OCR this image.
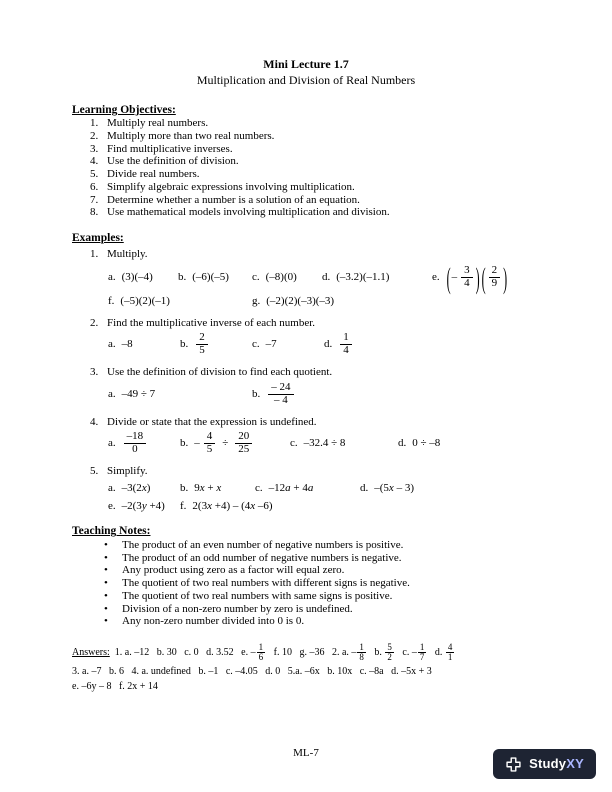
Mini Lecture 1.7
Multiplication and Division of Real Numbers
Learning Objectives:
1. Multiply real numbers.
2. Multiply more than two real numbers.
3. Find multiplicative inverses.
4. Use the definition of division.
5. Divide real numbers.
6. Simplify algebraic expressions involving multiplication.
7. Determine whether a number is a solution of an equation.
8. Use mathematical models involving multiplication and division.
Examples:
1. Multiply.
a. (3)(–4) b. (–6)(–5) c. (–8)(0) d. (–3.2)(–1.1)	e. ( – $\frac{3}{4}$ ) ( $\frac{2}{9}$ )
f. (–5)(2)(–1)	g. (–2)(2)(–3)(–3)
2. Find the multiplicative inverse of each number.
a. –8	b. $\frac{2}{5}$	c. –7	d. $\frac{1}{4}$
3. Use the definition of division to find each quotient.
a. –49 ÷ 7	b. $\frac{- 24}{- 4}$
4. Divide or state that the expression is undefined.
a. $\frac{-18}{0}$	b. – $\frac{4}{5} \div \frac{20}{25}$	c. –32.4 ÷ 8	d. 0 ÷ –8
5. Simplify.
a. –3(2x)	b. 9x + x	c. –12a + 4a	d. –(5x – 3)
e. –2(3y +4) f. 2(3x +4) – (4x –6)
Teaching Notes:
•	The product of an even number of negative numbers is positive.
•	The product of an odd number of negative numbers is negative.
•	Any product using zero as a factor will equal zero.
•	The quotient of two real numbers with different signs is negative.
•	The quotient of two real numbers with same signs is positive.
•	Division of a non-zero number by zero is undefined.
•	Any non-zero number divided into 0 is 0.
Answers: 1. a. –12   b. 30   c. 0   d. 3.52   e. – $\frac{1}{6} f$. 10   g. –36   2. a. – $\frac{1}{8} b$. $\frac{5}{2} c$. – $\frac{1}{7} d$. $\frac{4}{1}$
3. a. –7   b. 6   4. a. undefined   b. –1   c. –4.05   d. 0   5.a. –6x   b. 10x   c. –8a   d. –5x + 3
e. –6y – 8   f. 2x + 14
ML-7
StudyXY
